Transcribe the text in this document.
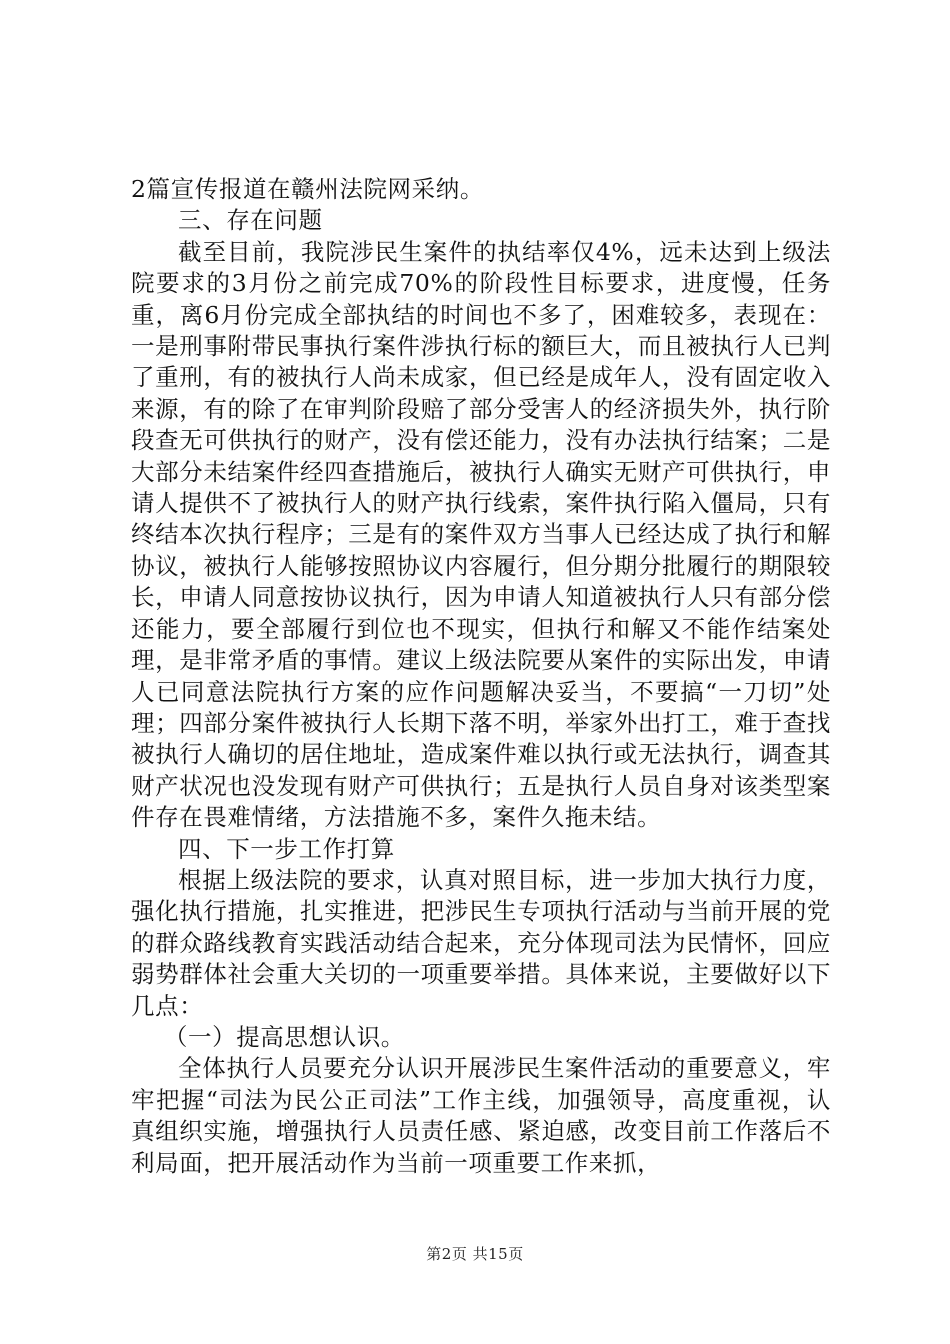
2篇宣传报道在赣州法院网采纳。

三、存在问题

截至目前，我院涉民生案件的执结率仅4%，远未达到上级法院要求的3月份之前完成70%的阶段性目标要求，进度慢，任务重，离6月份完成全部执结的时间也不多了，困难较多，表现在：一是刑事附带民事执行案件涉执行标的额巨大，而且被执行人已判了重刑，有的被执行人尚未成家，但已经是成年人，没有固定收入来源，有的除了在审判阶段赔了部分受害人的经济损失外，执行阶段查无可供执行的财产，没有偿还能力，没有办法执行结案；二是大部分未结案件经四查措施后，被执行人确实无财产可供执行，申请人提供不了被执行人的财产执行线索，案件执行陷入僵局，只有终结本次执行程序；三是有的案件双方当事人已经达成了执行和解协议，被执行人能够按照协议内容履行，但分期分批履行的期限较长，申请人同意按协议执行，因为申请人知道被执行人只有部分偿还能力，要全部履行到位也不现实，但执行和解又不能作结案处理，是非常矛盾的事情。建议上级法院要从案件的实际出发，申请人已同意法院执行方案的应作问题解决妥当，不要搞“一刀切”处理；四部分案件被执行人长期下落不明，举家外出打工，难于查找被执行人确切的居住地址，造成案件难以执行或无法执行，调查其财产状况也没发现有财产可供执行；五是执行人员自身对该类型案件存在畏难情绪，方法措施不多，案件久拖未结。

四、下一步工作打算

根据上级法院的要求，认真对照目标，进一步加大执行力度，强化执行措施，扎实推进，把涉民生专项执行活动与当前开展的党的群众路线教育实践活动结合起来，充分体现司法为民情怀，回应弱势群体社会重大关切的一项重要举措。具体来说，主要做好以下几点：

（一）提高思想认识。

全体执行人员要充分认识开展涉民生案件活动的重要意义，牢牢把握“司法为民公正司法”工作主线，加强领导，高度重视，认真组织实施，增强执行人员责任感、紧迫感，改变目前工作落后不利局面，把开展活动作为当前一项重要工作来抓，

第2页 共15页
